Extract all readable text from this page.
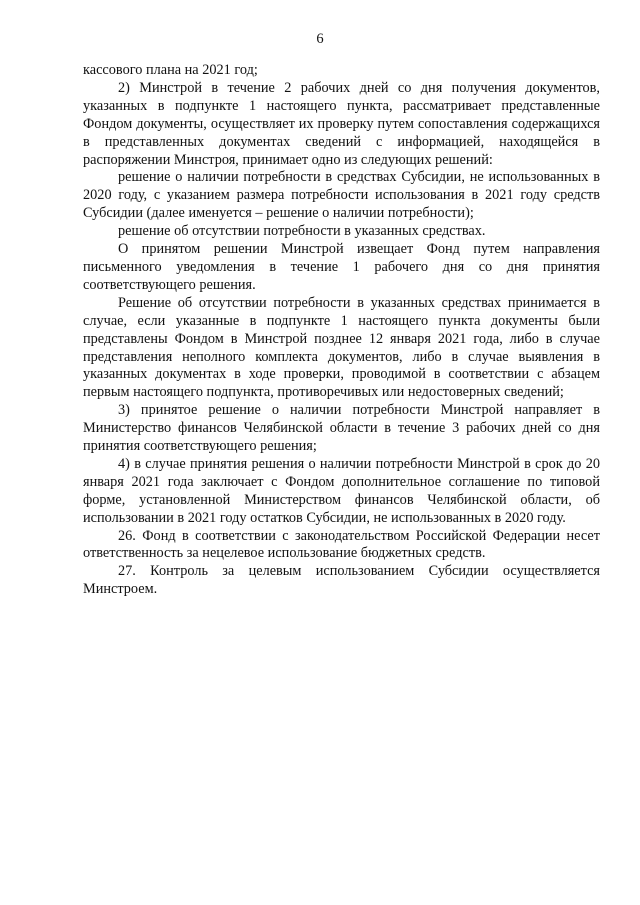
6

кассового плана на 2021 год;

2) Минстрой в течение 2 рабочих дней со дня получения документов, указанных в подпункте 1 настоящего пункта, рассматривает представленные Фондом документы, осуществляет их проверку путем сопоставления содержащихся в представленных документах сведений с информацией, находящейся в распоряжении Минстроя, принимает одно из следующих решений:

решение о наличии потребности в средствах Субсидии, не использованных в 2020 году, с указанием размера потребности использования в 2021 году средств Субсидии (далее именуется – решение о наличии потребности);

решение об отсутствии потребности в указанных средствах.

О принятом решении Минстрой извещает Фонд путем направления письменного уведомления в течение 1 рабочего дня со дня принятия соответствующего решения.

Решение об отсутствии потребности в указанных средствах принимается в случае, если указанные в подпункте 1 настоящего пункта документы были представлены Фондом в Минстрой позднее 12 января 2021 года, либо в случае представления неполного комплекта документов, либо в случае выявления в указанных документах в ходе проверки, проводимой в соответствии с абзацем первым настоящего подпункта, противоречивых или недостоверных сведений;

3) принятое решение о наличии потребности Минстрой направляет в Министерство финансов Челябинской области в течение 3 рабочих дней со дня принятия соответствующего решения;

4) в случае принятия решения о наличии потребности Минстрой в срок до 20 января 2021 года заключает с Фондом дополнительное соглашение по типовой форме, установленной Министерством финансов Челябинской области, об использовании в 2021 году остатков Субсидии, не использованных в 2020 году.

26. Фонд в соответствии с законодательством Российской Федерации несет ответственность за нецелевое использование бюджетных средств.

27. Контроль за целевым использованием Субсидии осуществляется Минстроем.
